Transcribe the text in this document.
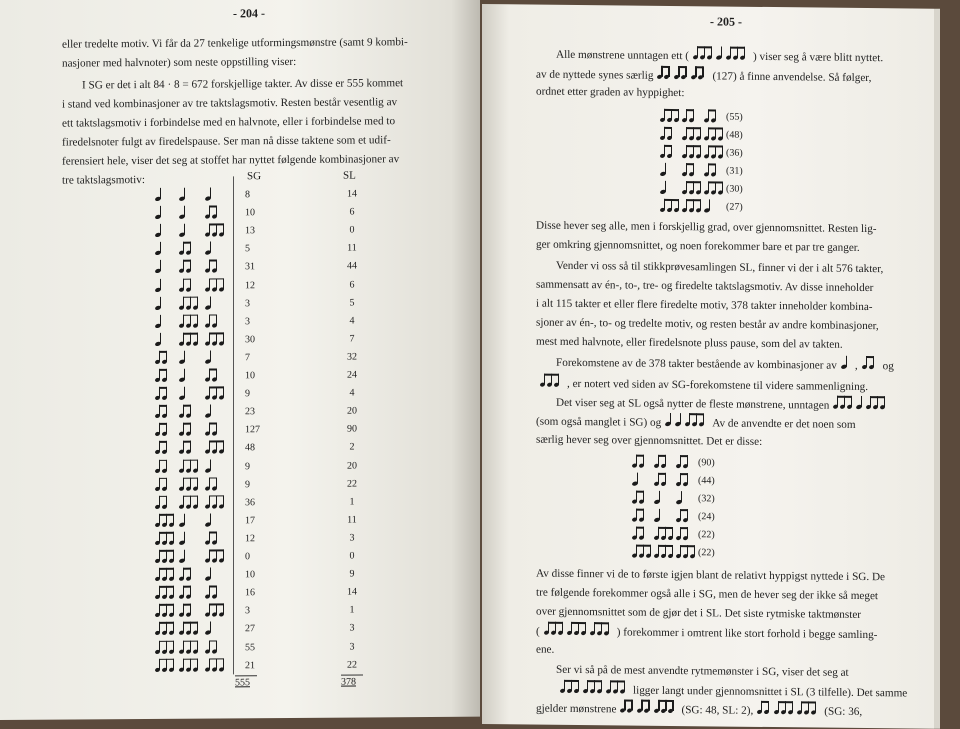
- 204 -
eller tredelte motiv. Vi får da 27 tenkelige utformingsmønstre (samt 9 kombi-
nasjoner med halvnoter) som neste oppstilling viser:
I SG er det i alt 84 · 8 = 672 forskjellige takter. Av disse er 555 kommet
i stand ved kombinasjoner av tre taktslagsmotiv. Resten består vesentlig av
ett taktslagsmotiv i forbindelse med en halvnote, eller i forbindelse med to
firedelsnoter fulgt av firedelspause. Ser man nå disse taktene som et udif-
ferensiert hele, viser det seg at stoffet har nyttet følgende kombinasjoner av
tre taktslagsmotiv:	SG	SL
8	14
10	6
13	0
5	11
31	44
12	6
3	5
3	4
30	7
7	32
10	24
9	4
23	20
127	90
48	2
9	20
9	22
36	1
17	11
12	3
0	0
10	9
16	14
3	1
27	3
55	3
21	22
555	378
- 205 -
Alle mønstrene unntagen ett (	) viser seg å være blitt nyttet.
av de nyttede synes særlig	(127) å finne anvendelse. Så følger,
ordnet etter graden av hyppighet:
(55)
(48)
(36)
(31)
(30)
(27)
Disse hever seg alle, men i forskjellig grad, over gjennomsnittet. Resten lig-
ger omkring gjennomsnittet, og noen forekommer bare et par tre ganger.
Vender vi oss så til stikkprøvesamlingen SL, finner vi der i alt 576 takter,
sammensatt av én-, to-, tre- og firedelte taktslagsmotiv. Av disse inneholder
i alt 115 takter et eller flere firedelte motiv, 378 takter inneholder kombina-
sjoner av én-, to- og tredelte motiv, og resten består av andre kombinasjoner,
mest med halvnote, eller firedelsnote pluss pause, som del av takten.
Forekomstene av de 378 takter bestående av kombinasjoner av , og
, er notert ved siden av SG-forekomstene til videre sammenligning.
Det viser seg at SL også nytter de fleste mønstrene, unntagen
(som også manglet i SG) og	Av de anvendte er det noen som
særlig hever seg over gjennomsnittet. Det er disse:
(90)
(44)
(32)
(24)
(22)
(22)
Av disse finner vi de to første igjen blant de relativt hyppigst nyttede i SG. De
tre følgende forekommer også alle i SG, men de hever seg der ikke så meget
over gjennomsnittet som de gjør det i SL. Det siste rytmiske taktmønster
(	) forekommer i omtrent like stort forhold i begge samling-
ene.
Ser vi så på de mest anvendte rytmemønster i SG, viser det seg at
ligger langt under gjennomsnittet i SL (3 tilfelle). Det samme
gjelder mønstrene	(SG: 48, SL: 2),	(SG: 36,
